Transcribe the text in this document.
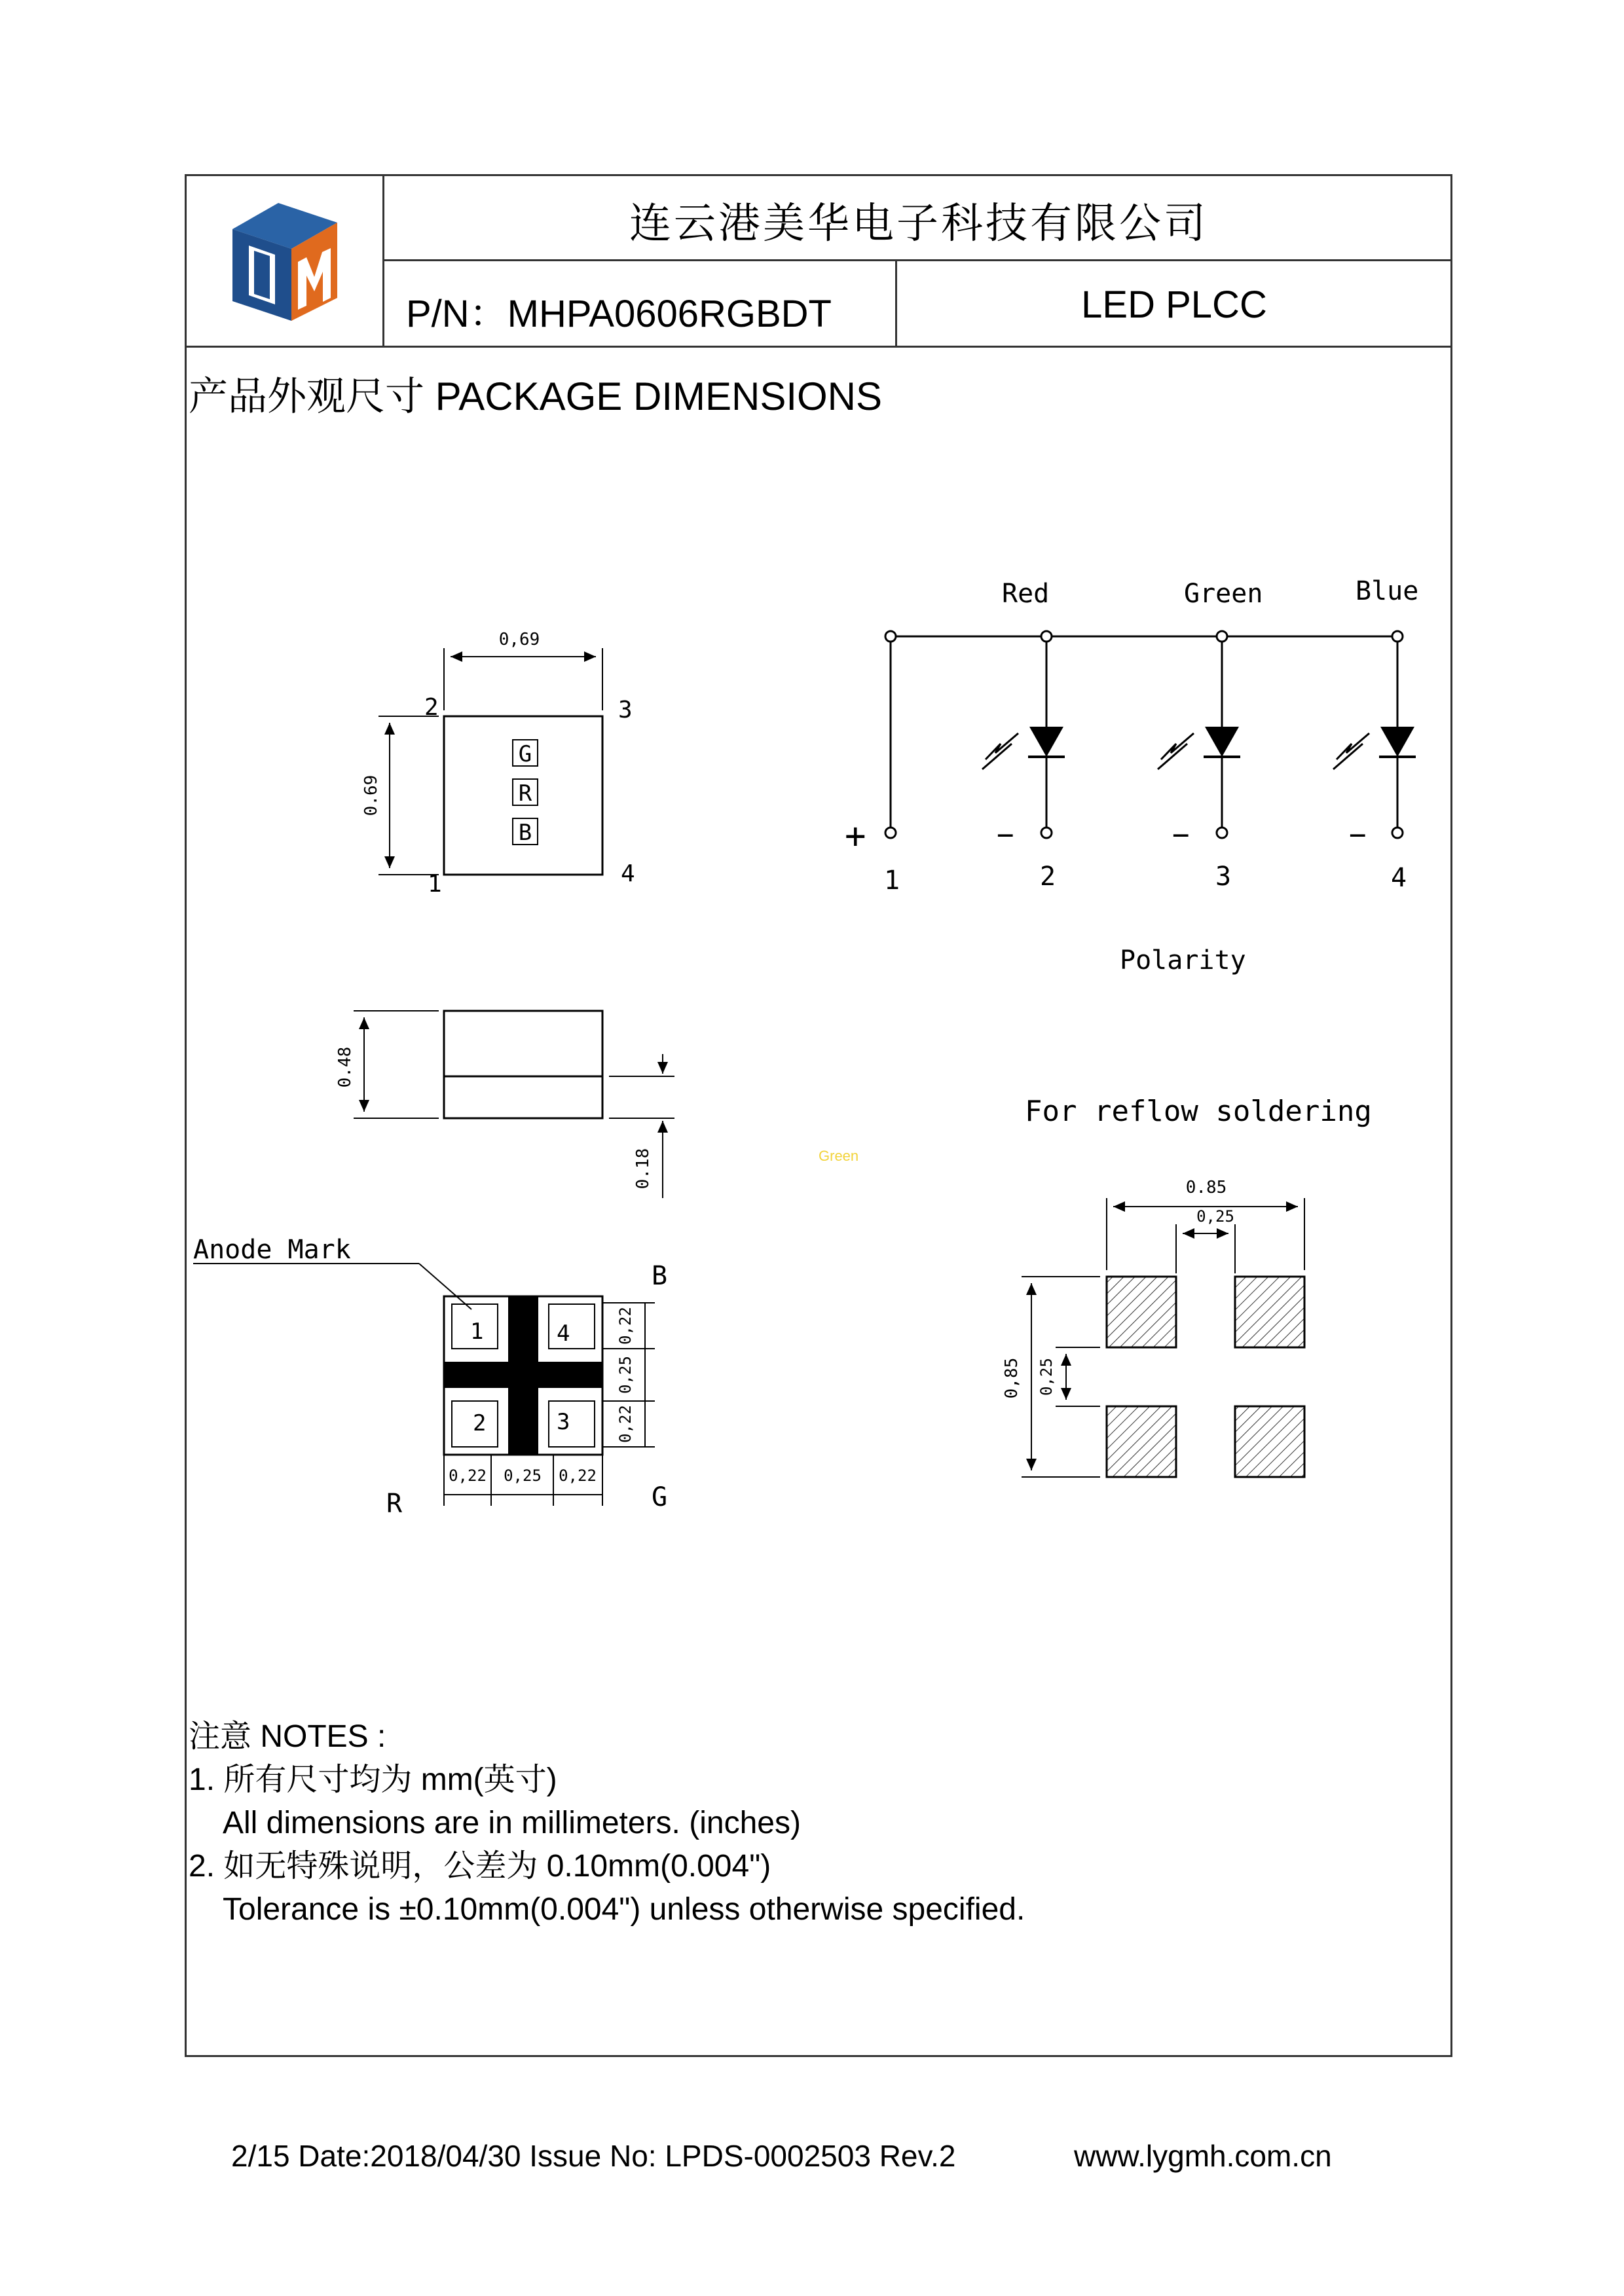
连云港美华电子科技有限公司
P/N：MHPA0606RGBDT	LED PLCC
产品外观尺寸 PACKAGE DIMENSIONS
0,69
0.69
1
2	3
4
G
R
B
0.48
0.18	Green
Anode Mark
1	4
2	3
B
R	G
0,22
0,25
0,22
0,22 0,25 0,22
Red	Green	Blue
+	−	−	−
1	2	3	4
Polarity
For reflow soldering
0.85
0,25
0,85 0,25
注意 NOTES :
1. 所有尺寸均为 mm(英寸)
All dimensions are in millimeters. (inches)
2. 如无特殊说明，公差为 0.10mm(0.004")
Tolerance is ±0.10mm(0.004") unless otherwise specified.
2/15 Date:2018/04/30 Issue No: LPDS-0002503 Rev.2	www.lygmh.com.cn
